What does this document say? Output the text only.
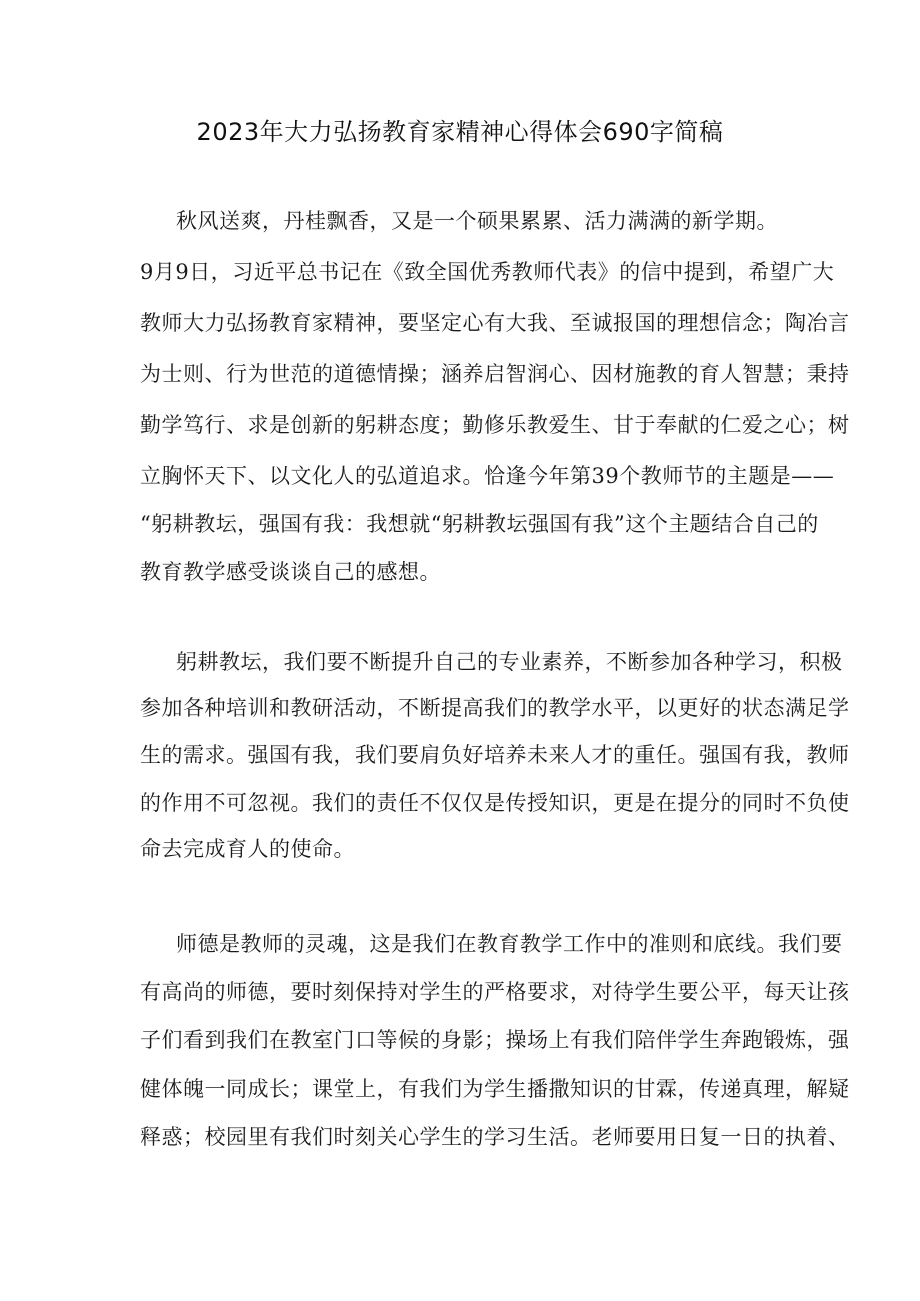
2023年大力弘扬教育家精神心得体会690字简稿
秋风送爽，丹桂飘香，又是一个硕果累累、活力满满的新学期。
9月9日，习近平总书记在《致全国优秀教师代表》的信中提到，希望广大
教师大力弘扬教育家精神，要坚定心有大我、至诚报国的理想信念；陶冶言
为士则、行为世范的道德情操；涵养启智润心、因材施教的育人智慧；秉持
勤学笃行、求是创新的躬耕态度；勤修乐教爱生、甘于奉献的仁爱之心；树
立胸怀天下、以文化人的弘道追求。恰逢今年第39个教师节的主题是——
“躬耕教坛，强国有我：我想就“躬耕教坛强国有我”这个主题结合自己的
教育教学感受谈谈自己的感想。
躬耕教坛，我们要不断提升自己的专业素养，不断参加各种学习，积极
参加各种培训和教研活动，不断提高我们的教学水平，以更好的状态满足学
生的需求。强国有我，我们要肩负好培养未来人才的重任。强国有我，教师
的作用不可忽视。我们的责任不仅仅是传授知识，更是在提分的同时不负使
命去完成育人的使命。
师德是教师的灵魂，这是我们在教育教学工作中的准则和底线。我们要
有高尚的师德，要时刻保持对学生的严格要求，对待学生要公平，每天让孩
子们看到我们在教室门口等候的身影；操场上有我们陪伴学生奔跑锻炼，强
健体魄一同成长；课堂上，有我们为学生播撒知识的甘霖，传递真理，解疑
释惑；校园里有我们时刻关心学生的学习生活。老师要用日复一日的执着、
